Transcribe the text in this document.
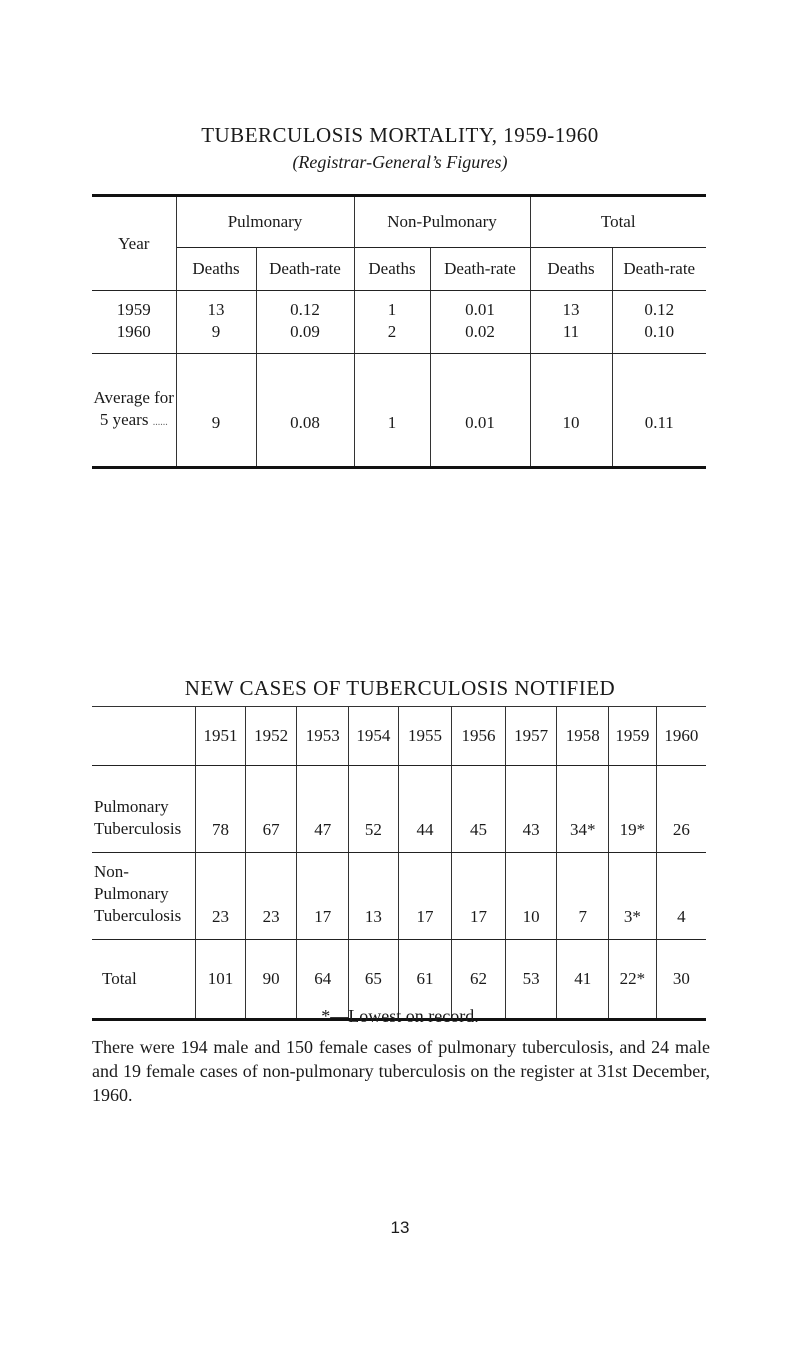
TUBERCULOSIS MORTALITY, 1959-1960
(Registrar-General’s Figures)
Year	Pulmonary		Non-Pulmonary		Total	
	Deaths	Death-rate	Deaths	Death-rate	Deaths	Death-rate
1959	13	0.12	1	0.01	13	0.12
1960	9	0.09	2	0.02	11	0.10
Average for
5 years ......	9	0.08	1	0.01	10	0.11
NEW CASES OF TUBERCULOSIS NOTIFIED
	1951	1952	1953	1954	1955	1956	1957	1958	1959	1960
Pulmonary
Tuberculosis	78	67	47	52	44	45	43	34*	19*	26
Non-Pulmonary
Tuberculosis	23	23	17	13	17	17	10	7	3*	4
Total	101	90	64	65	61	62	53	41	22*	30
*—Lowest on record.
There were 194 male and 150 female cases of pulmonary tuberculosis, and 24 male and 19 female cases of non-pulmonary tuberculosis on the register at 31st December, 1960.
13
